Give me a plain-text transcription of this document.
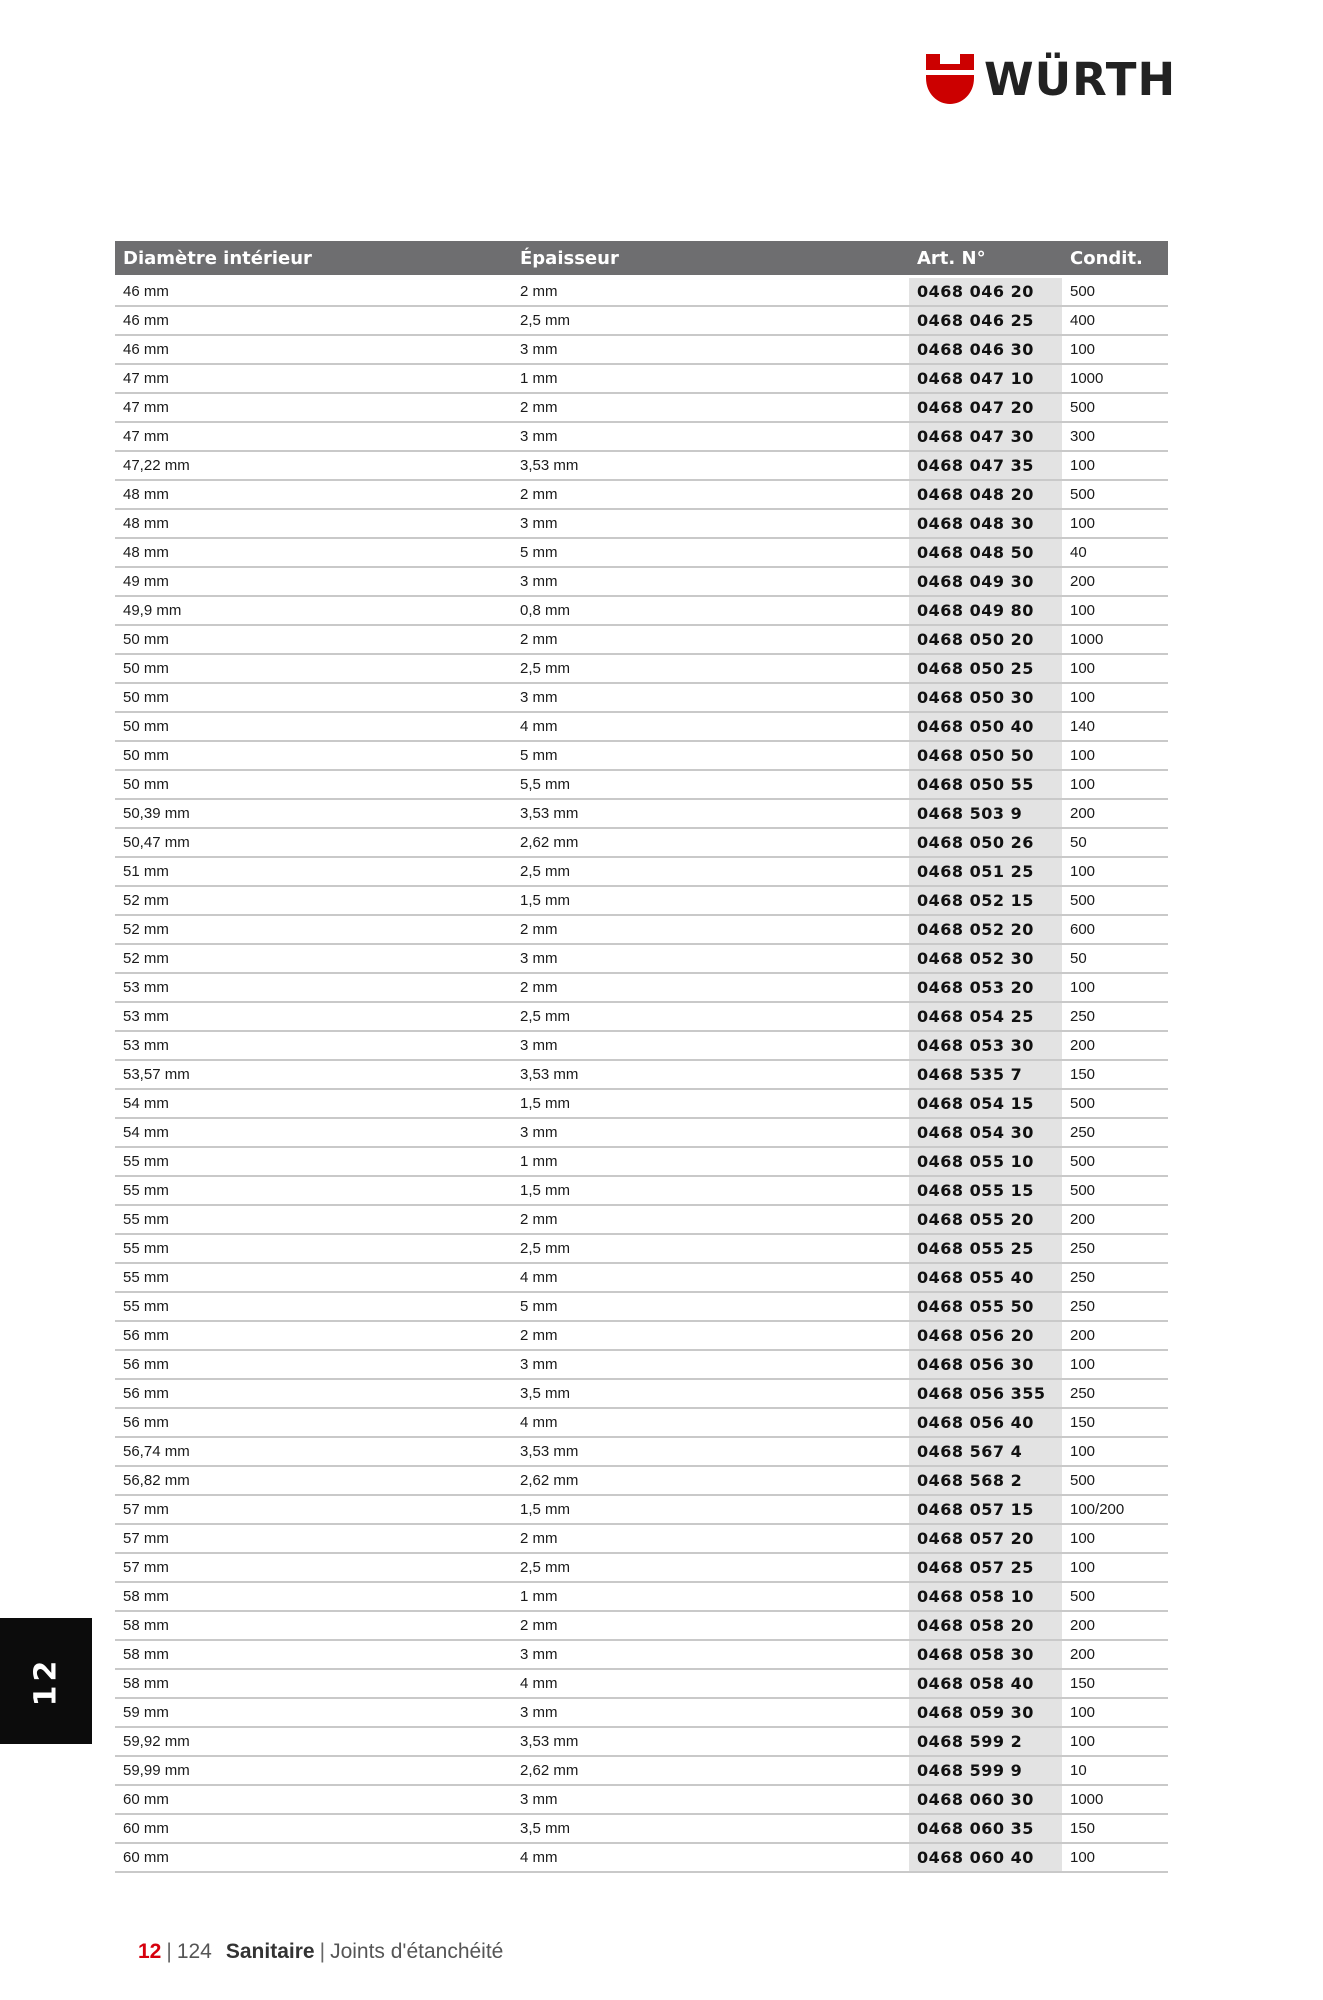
WÜRTH
Diamètre intérieur	Épaisseur	Art. N°	Condit.
46 mm	2 mm	0468 046 20	500
46 mm	2,5 mm	0468 046 25	400
46 mm	3 mm	0468 046 30	100
47 mm	1 mm	0468 047 10	1000
47 mm	2 mm	0468 047 20	500
47 mm	3 mm	0468 047 30	300
47,22 mm	3,53 mm	0468 047 35	100
48 mm	2 mm	0468 048 20	500
48 mm	3 mm	0468 048 30	100
48 mm	5 mm	0468 048 50	40
49 mm	3 mm	0468 049 30	200
49,9 mm	0,8 mm	0468 049 80	100
50 mm	2 mm	0468 050 20	1000
50 mm	2,5 mm	0468 050 25	100
50 mm	3 mm	0468 050 30	100
50 mm	4 mm	0468 050 40	140
50 mm	5 mm	0468 050 50	100
50 mm	5,5 mm	0468 050 55	100
50,39 mm	3,53 mm	0468 503 9	200
50,47 mm	2,62 mm	0468 050 26	50
51 mm	2,5 mm	0468 051 25	100
52 mm	1,5 mm	0468 052 15	500
52 mm	2 mm	0468 052 20	600
52 mm	3 mm	0468 052 30	50
53 mm	2 mm	0468 053 20	100
53 mm	2,5 mm	0468 054 25	250
53 mm	3 mm	0468 053 30	200
53,57 mm	3,53 mm	0468 535 7	150
54 mm	1,5 mm	0468 054 15	500
54 mm	3 mm	0468 054 30	250
55 mm	1 mm	0468 055 10	500
55 mm	1,5 mm	0468 055 15	500
55 mm	2 mm	0468 055 20	200
55 mm	2,5 mm	0468 055 25	250
55 mm	4 mm	0468 055 40	250
55 mm	5 mm	0468 055 50	250
56 mm	2 mm	0468 056 20	200
56 mm	3 mm	0468 056 30	100
56 mm	3,5 mm	0468 056 355	250
56 mm	4 mm	0468 056 40	150
56,74 mm	3,53 mm	0468 567 4	100
56,82 mm	2,62 mm	0468 568 2	500
57 mm	1,5 mm	0468 057 15	100/200
57 mm	2 mm	0468 057 20	100
57 mm	2,5 mm	0468 057 25	100
58 mm	1 mm	0468 058 10	500
58 mm	2 mm	0468 058 20	200
58 mm	3 mm	0468 058 30	200
58 mm	4 mm	0468 058 40	150
59 mm	3 mm	0468 059 30	100
59,92 mm	3,53 mm	0468 599 2	100
59,99 mm	2,62 mm	0468 599 9	10
60 mm	3 mm	0468 060 30	1000
60 mm	3,5 mm	0468 060 35	150
60 mm	4 mm	0468 060 40	100
12
12 | 124 Sanitaire | Joints d'étanchéité
